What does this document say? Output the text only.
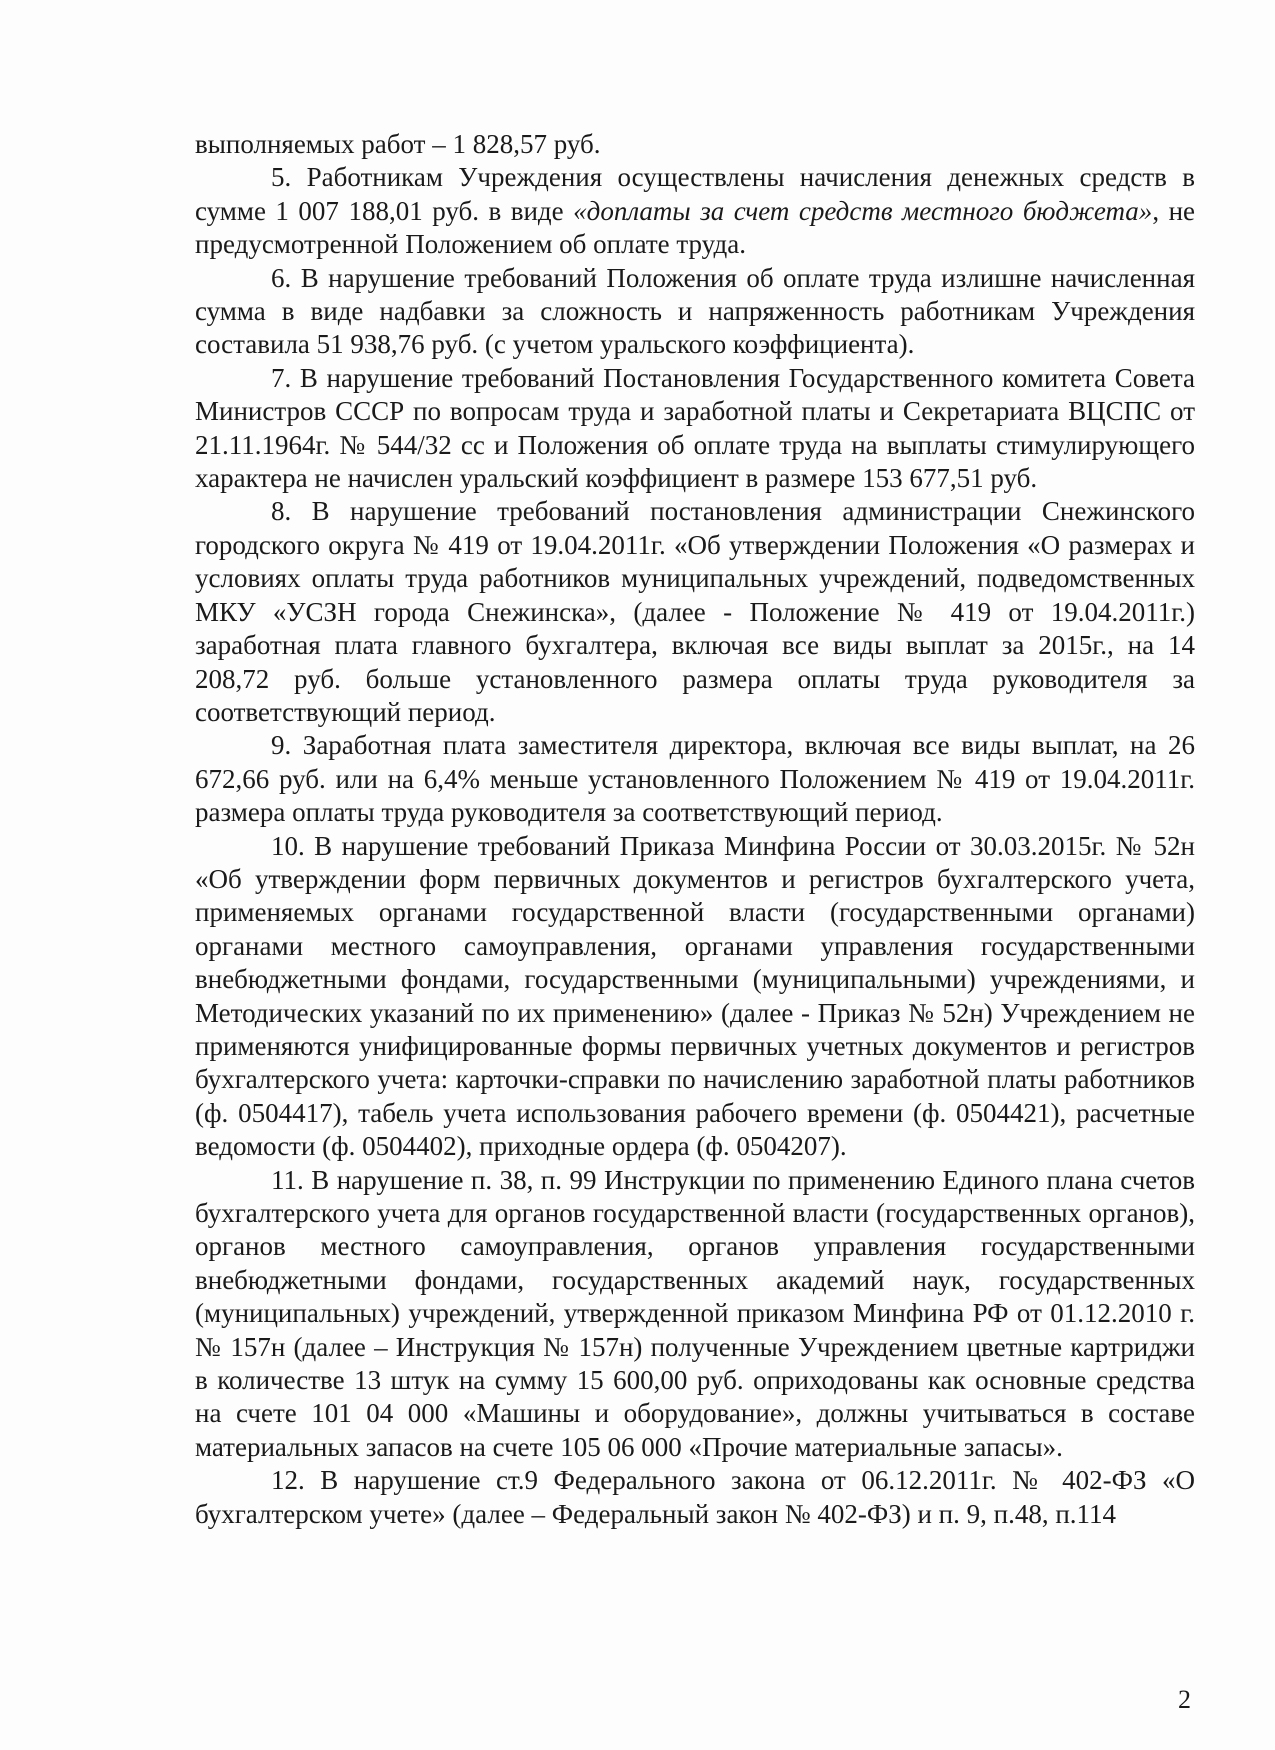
выполняемых работ – 1 828,57 руб.

5. Работникам Учреждения осуществлены начисления денежных средств в сумме 1 007 188,01 руб. в виде «доплаты за счет средств местного бюджета», не предусмотренной Положением об оплате труда.

6. В нарушение требований Положения об оплате труда излишне начисленная сумма в виде надбавки за сложность и напряженность работникам Учреждения составила 51 938,76 руб. (с учетом уральского коэффициента).

7. В нарушение требований Постановления Государственного комитета Совета Министров СССР по вопросам труда и заработной платы и Секретариата ВЦСПС от 21.11.1964г. № 544/32 сс и Положения об оплате труда на выплаты стимулирующего характера не начислен уральский коэффициент в размере 153 677,51 руб.

8. В нарушение требований постановления администрации Снежинского городского округа № 419 от 19.04.2011г. «Об утверждении Положения «О размерах и условиях оплаты труда работников муниципальных учреждений, подведомственных МКУ «УСЗН города Снежинска», (далее - Положение № 419 от 19.04.2011г.) заработная плата главного бухгалтера, включая все виды выплат за 2015г., на 14 208,72 руб. больше установленного размера оплаты труда руководителя за соответствующий период.

9. Заработная плата заместителя директора, включая все виды выплат, на 26 672,66 руб. или на 6,4% меньше установленного Положением № 419 от 19.04.2011г. размера оплаты труда руководителя за соответствующий период.

10. В нарушение требований Приказа Минфина России от 30.03.2015г. № 52н «Об утверждении форм первичных документов и регистров бухгалтерского учета, применяемых органами государственной власти (государственными органами) органами местного самоуправления, органами управления государственными внебюджетными фондами, государственными (муниципальными) учреждениями, и Методических указаний по их применению» (далее - Приказ № 52н) Учреждением не применяются унифицированные формы первичных учетных документов и регистров бухгалтерского учета: карточки-справки по начислению заработной платы работников (ф. 0504417), табель учета использования рабочего времени (ф. 0504421), расчетные ведомости (ф. 0504402), приходные ордера (ф. 0504207).

11. В нарушение п. 38, п. 99 Инструкции по применению Единого плана счетов бухгалтерского учета для органов государственной власти (государственных органов), органов местного самоуправления, органов управления государственными внебюджетными фондами, государственных академий наук, государственных (муниципальных) учреждений, утвержденной приказом Минфина РФ от 01.12.2010 г. № 157н (далее – Инструкция № 157н) полученные Учреждением цветные картриджи в количестве 13 штук на сумму 15 600,00 руб. оприходованы как основные средства на счете 101 04 000 «Машины и оборудование», должны учитываться в составе материальных запасов на счете 105 06 000 «Прочие материальные запасы».

12. В нарушение ст.9 Федерального закона от 06.12.2011г. № 402-ФЗ «О бухгалтерском учете» (далее – Федеральный закон № 402-ФЗ) и п. 9, п.48, п.114

2
